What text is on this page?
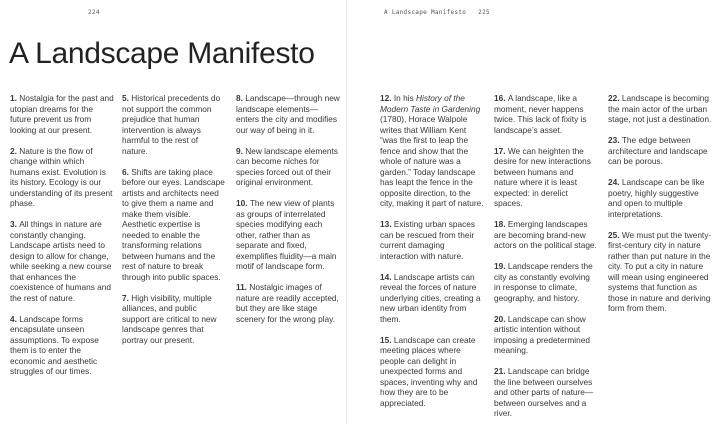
224	A Landscape Manifesto 225
A Landscape Manifesto
1. Nostalgia for the past and utopian dreams for the future prevent us from looking at our present.
2. Nature is the flow of change within which humans exist. Evolution is its history. Ecology is our understanding of its present phase.
3. All things in nature are constantly changing. Landscape artists need to design to allow for change, while seeking a new course that enhances the coexistence of humans and the rest of nature.
4. Landscape forms encapsulate unseen assumptions. To expose them is to enter the economic and aesthetic struggles of our times.
5. Historical precedents do not support the common prejudice that human intervention is always harmful to the rest of nature.
6. Shifts are taking place before our eyes. Landscape artists and architects need to give them a name and make them visible. Aesthetic expertise is needed to enable the transforming relations between humans and the rest of nature to break through into public spaces.
7. High visibility, multiple alliances, and public support are critical to new landscape genres that portray our present.
8. Landscape—through new landscape elements—enters the city and modifies our way of being in it.
9. New landscape elements can become niches for species forced out of their original environment.
10. The new view of plants as groups of interrelated species modifying each other, rather than as separate and fixed, exemplifies fluidity—a main motif of landscape form.
11. Nostalgic images of nature are readily accepted, but they are like stage scenery for the wrong play.
12. In his History of the Modern Taste in Gardening (1780), Horace Walpole writes that William Kent “was the first to leap the fence and show that the whole of nature was a garden.” Today landscape has leapt the fence in the opposite direction, to the city, making it part of nature.
13. Existing urban spaces can be rescued from their current damaging interaction with nature.
14. Landscape artists can reveal the forces of nature underlying cities, creating a new urban identity from them.
15. Landscape can create meeting places where people can delight in unexpected forms and spaces, inventing why and how they are to be appreciated.
16. A landscape, like a moment, never happens twice. This lack of fixity is landscape’s asset.
17. We can heighten the desire for new interactions between humans and nature where it is least expected: in derelict spaces.
18. Emerging landscapes are becoming brand-new actors on the political stage.
19. Landscape renders the city as constantly evolving in response to climate, geography, and history.
20. Landscape can show artistic intention without imposing a predetermined meaning.
21. Landscape can bridge the line between ourselves and other parts of nature—between ourselves and a river.
22. Landscape is becoming the main actor of the urban stage, not just a destination.
23. The edge between architecture and landscape can be porous.
24. Landscape can be like poetry, highly suggestive and open to multiple interpretations.
25. We must put the twenty-first-century city in nature rather than put nature in the city. To put a city in nature will mean using engineered systems that function as those in nature and deriving form from them.
